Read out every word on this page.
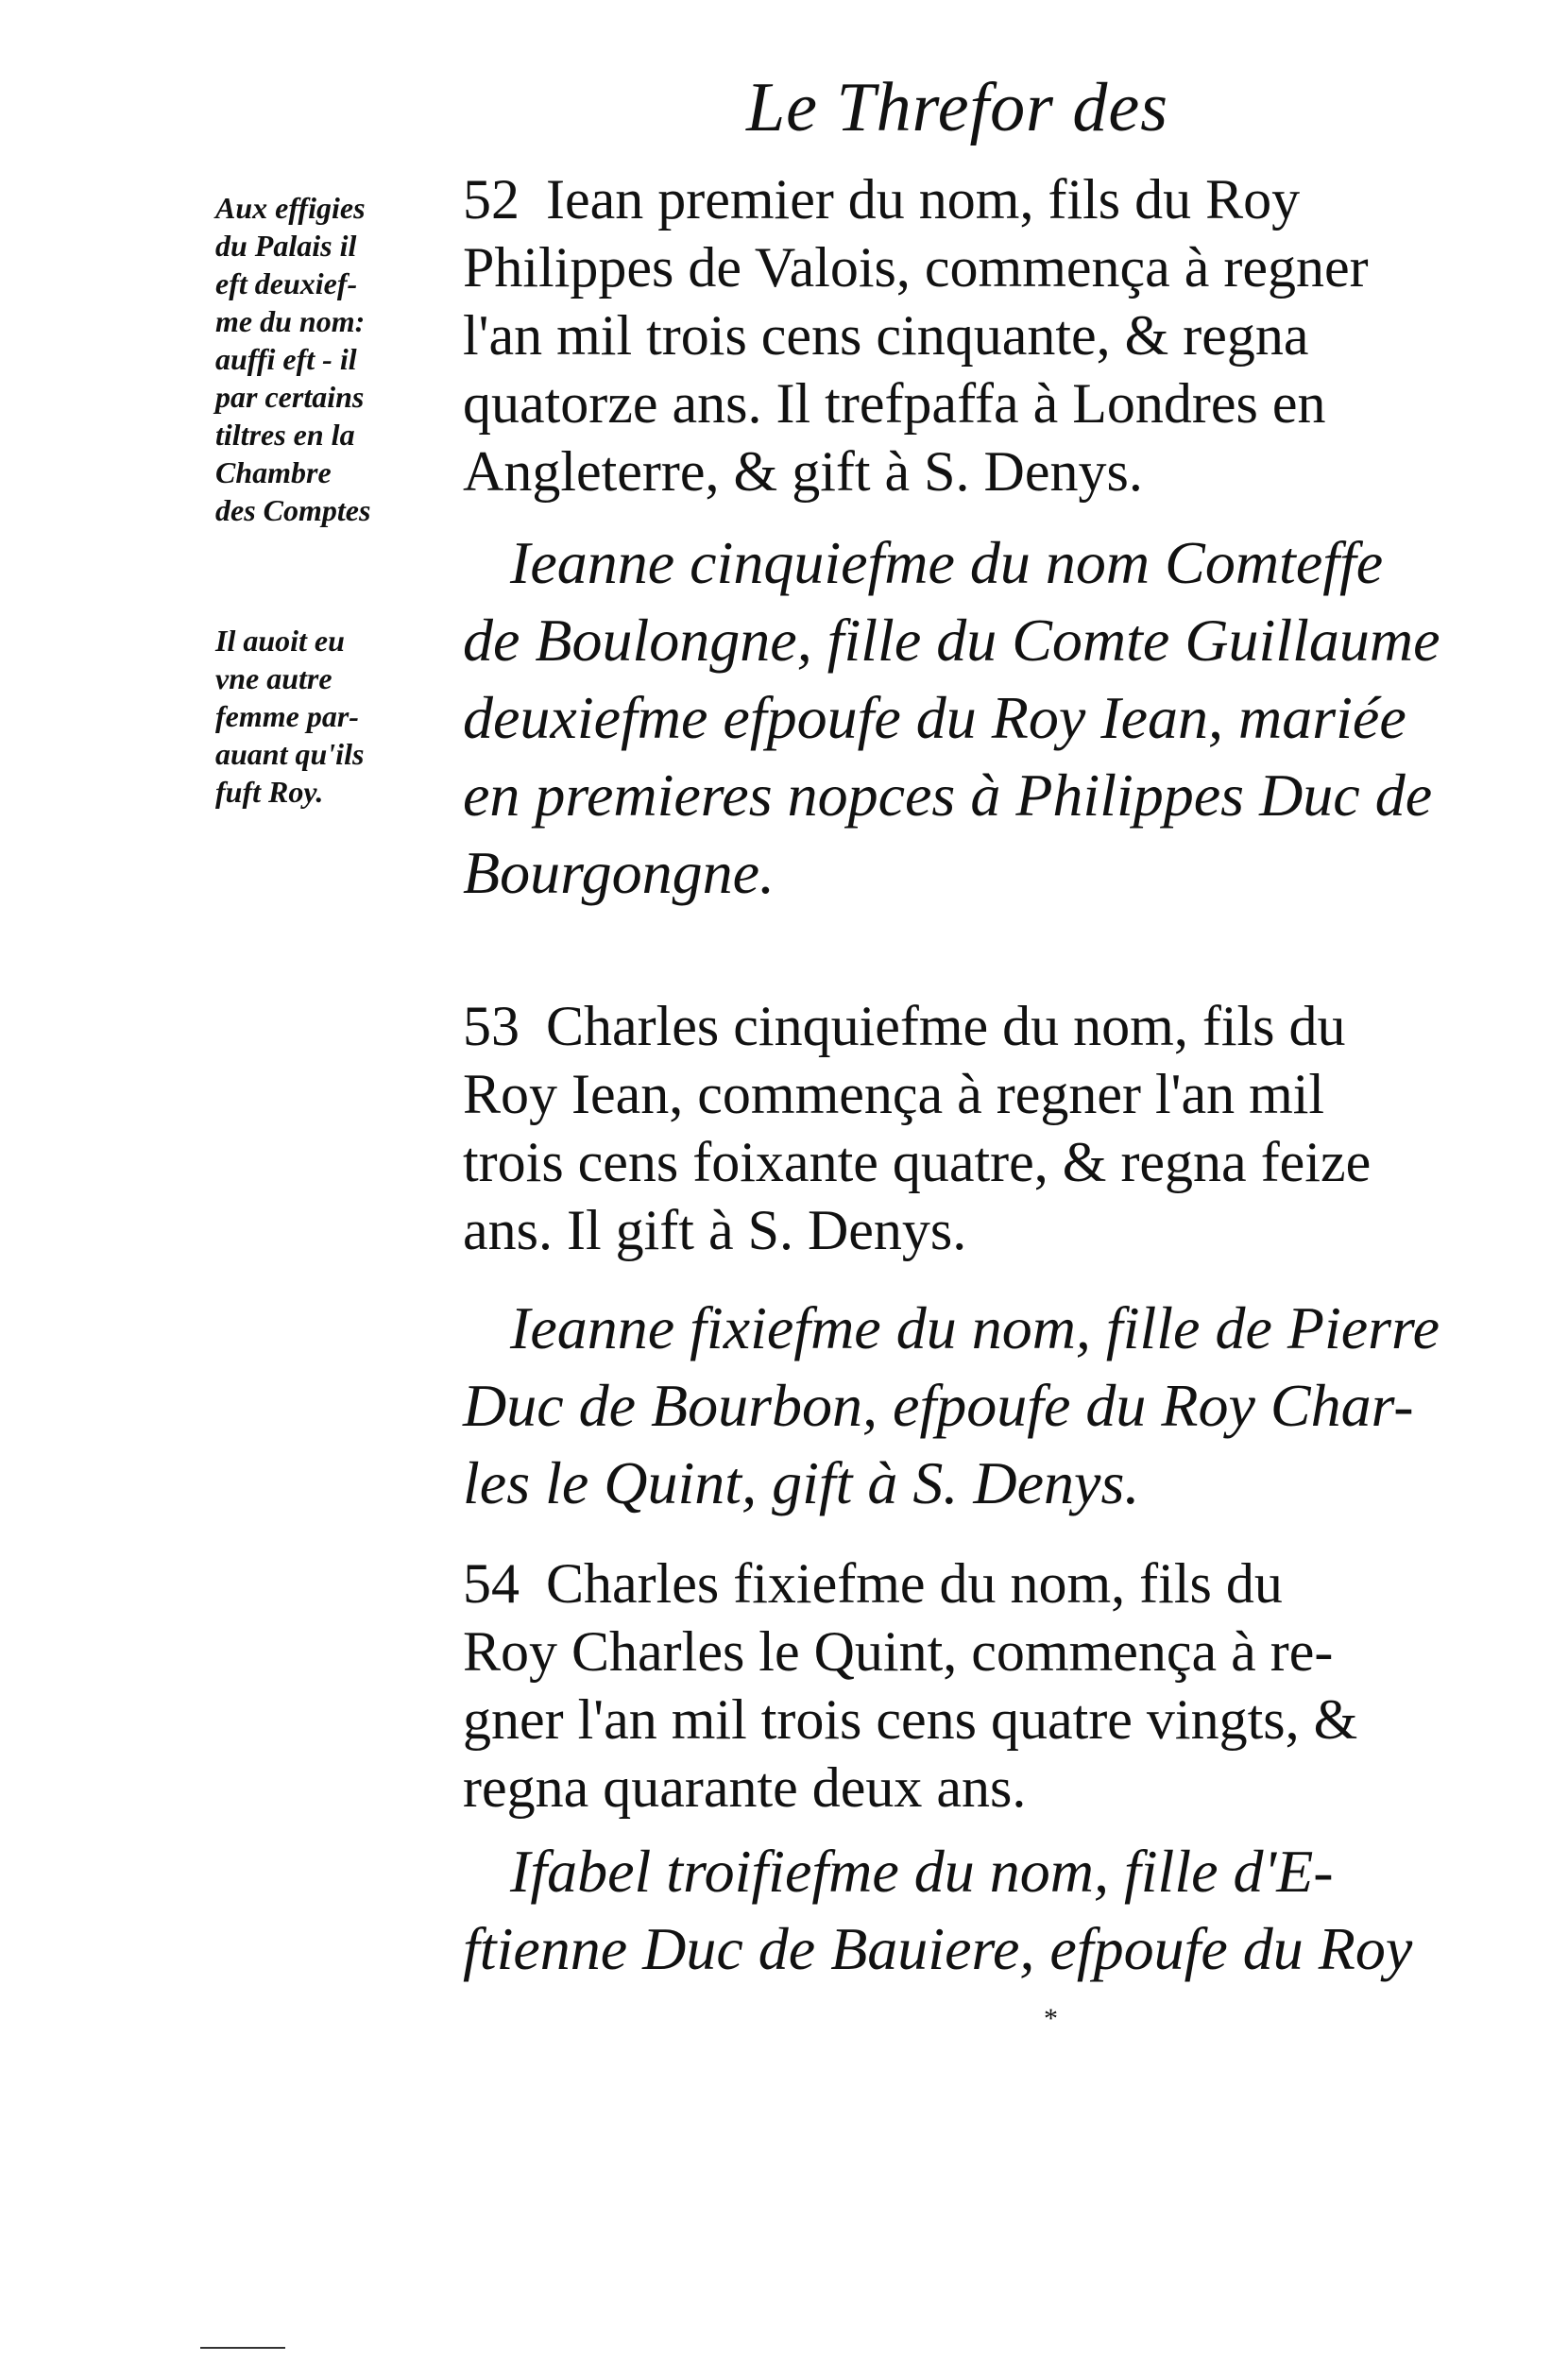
Le Threfor des
Aux effigies
du Palais il
eft deuxief-
me du nom:
auffi eft - il
par certains
tiltres en la
Chambre
des Comptes
Il auoit eu
vne autre
femme par-
auant qu'ils
fuft Roy.
52 Iean premier du nom, fils du Roy
Philippes de Valois, commença à regner
l'an mil trois cens cinquante, & regna
quatorze ans. Il trefpaffa à Londres en
Angleterre, & gift à S. Denys.
Ieanne cinquiefme du nom Comteffe
de Boulongne, fille du Comte Guillaume
deuxiefme efpoufe du Roy Iean, mariée
en premieres nopces à Philippes Duc de
Bourgongne.
53 Charles cinquiefme du nom, fils du
Roy Iean, commença à regner l'an mil
trois cens foixante quatre, & regna feize
ans. Il gift à S. Denys.
Ieanne fixiefme du nom, fille de Pierre
Duc de Bourbon, efpoufe du Roy Char-
les le Quint, gift à S. Denys.
54 Charles fixiefme du nom, fils du
Roy Charles le Quint, commença à re-
gner l'an mil trois cens quatre vingts, &
regna quarante deux ans.
Ifabel troifiefme du nom, fille d'E-
ftienne Duc de Bauiere, efpoufe du Roy
*
